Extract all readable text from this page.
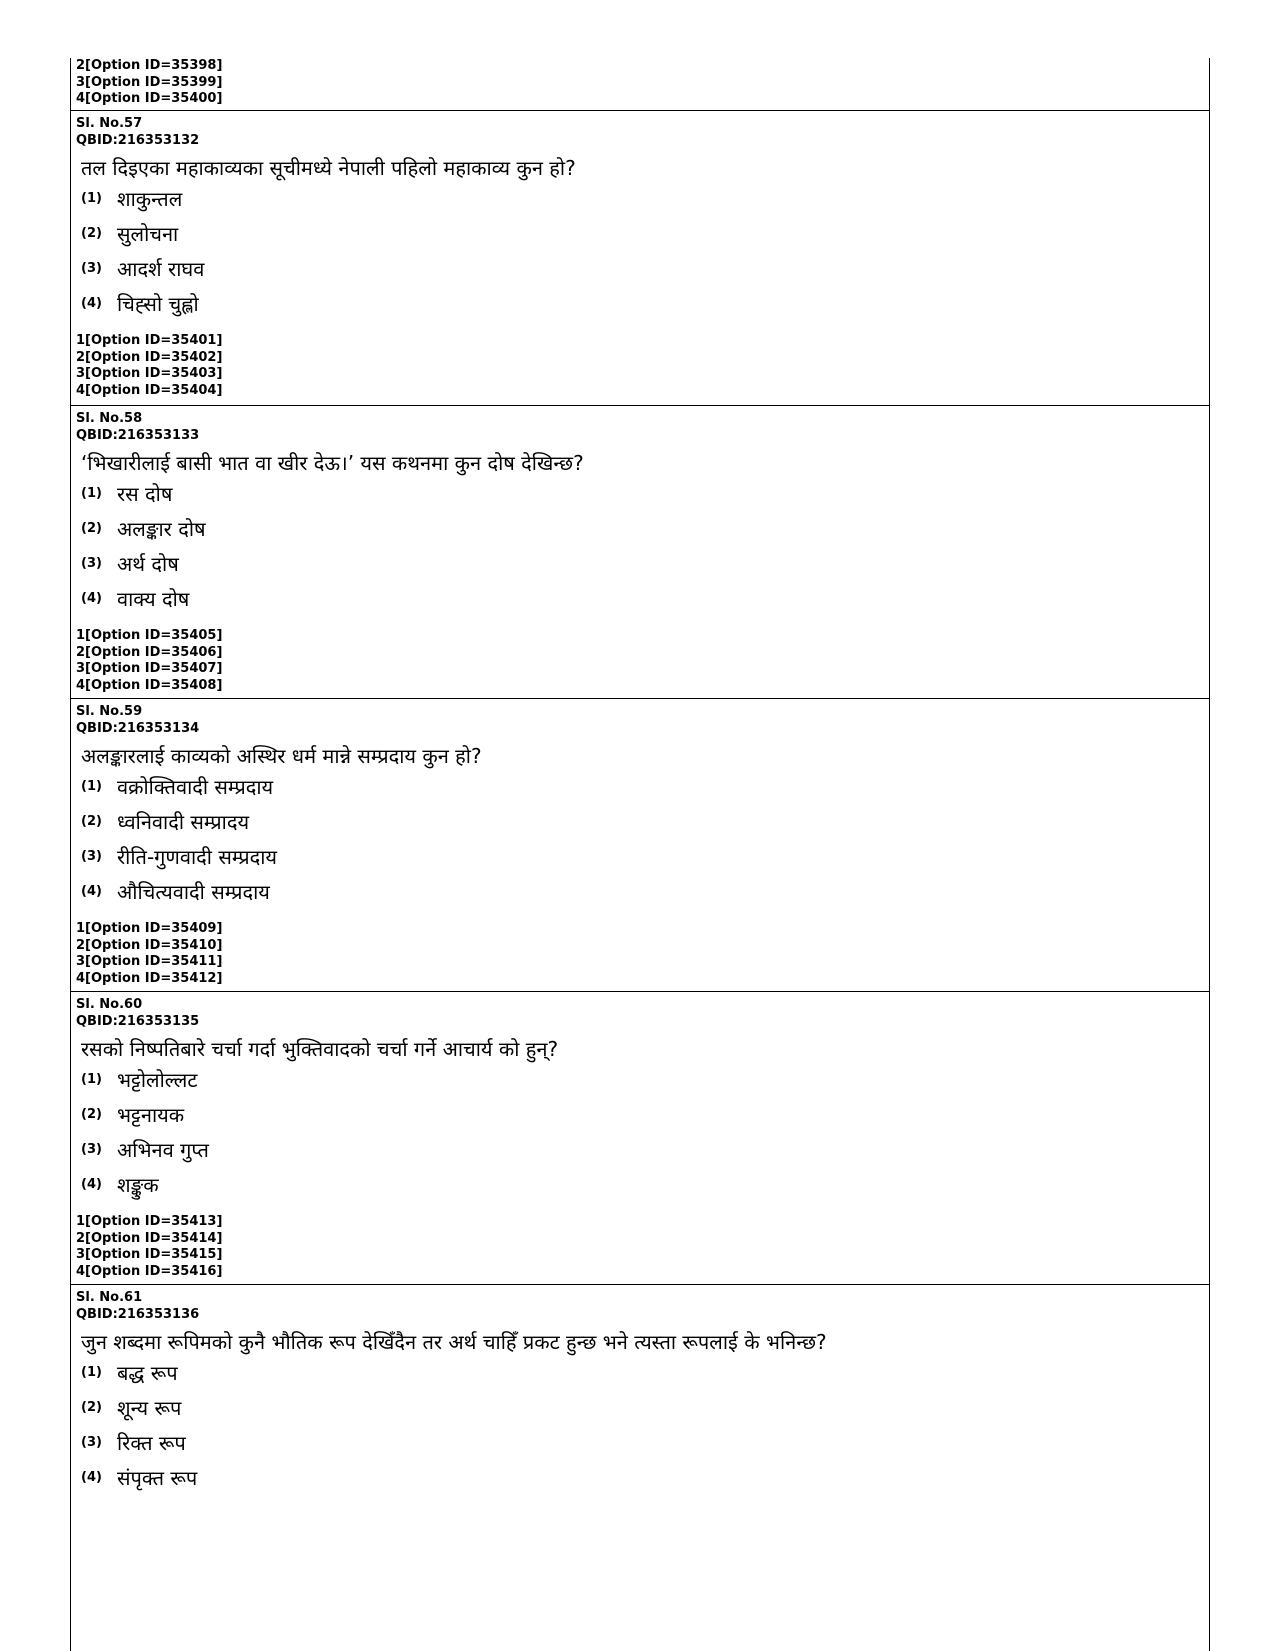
2[Option ID=35398]
3[Option ID=35399]
4[Option ID=35400]
Sl. No.57
QBID:216353132
तल दिइएका महाकाव्यका सूचीमध्ये नेपाली पहिलो महाकाव्य कुन हो?
(1) शाकुन्तल
(2) सुलोचना
(3) आदर्श राघव
(4) चिह्सो चुह्लो
1[Option ID=35401]
2[Option ID=35402]
3[Option ID=35403]
4[Option ID=35404]
Sl. No.58
QBID:216353133
‘भिखारीलाई बासी भात वा खीर देऊ।’ यस कथनमा कुन दोष देखिन्छ?
(1) रस दोष
(2) अलङ्कार दोष
(3) अर्थ दोष
(4) वाक्य दोष
1[Option ID=35405]
2[Option ID=35406]
3[Option ID=35407]
4[Option ID=35408]
Sl. No.59
QBID:216353134
अलङ्कारलाई काव्यको अस्थिर धर्म मान्ने सम्प्रदाय कुन हो?
(1) वक्रोक्तिवादी सम्प्रदाय
(2) ध्वनिवादी सम्प्रादय
(3) रीति-गुणवादी सम्प्रदाय
(4) औचित्यवादी सम्प्रदाय
1[Option ID=35409]
2[Option ID=35410]
3[Option ID=35411]
4[Option ID=35412]
Sl. No.60
QBID:216353135
रसको निष्पतिबारे चर्चा गर्दा भुक्तिवादको चर्चा गर्ने आचार्य को हुन्?
(1) भट्टोलोल्लट
(2) भट्टनायक
(3) अभिनव गुप्त
(4) शङ्कुक
1[Option ID=35413]
2[Option ID=35414]
3[Option ID=35415]
4[Option ID=35416]
Sl. No.61
QBID:216353136
जुन शब्दमा रूपिमको कुनै भौतिक रूप देखिँदैन तर अर्थ चाहिँ प्रकट हुन्छ भने त्यस्ता रूपलाई के भनिन्छ?
(1) बद्ध रूप
(2) शून्य रूप
(3) रिक्त रूप
(4) संपृक्त रूप
